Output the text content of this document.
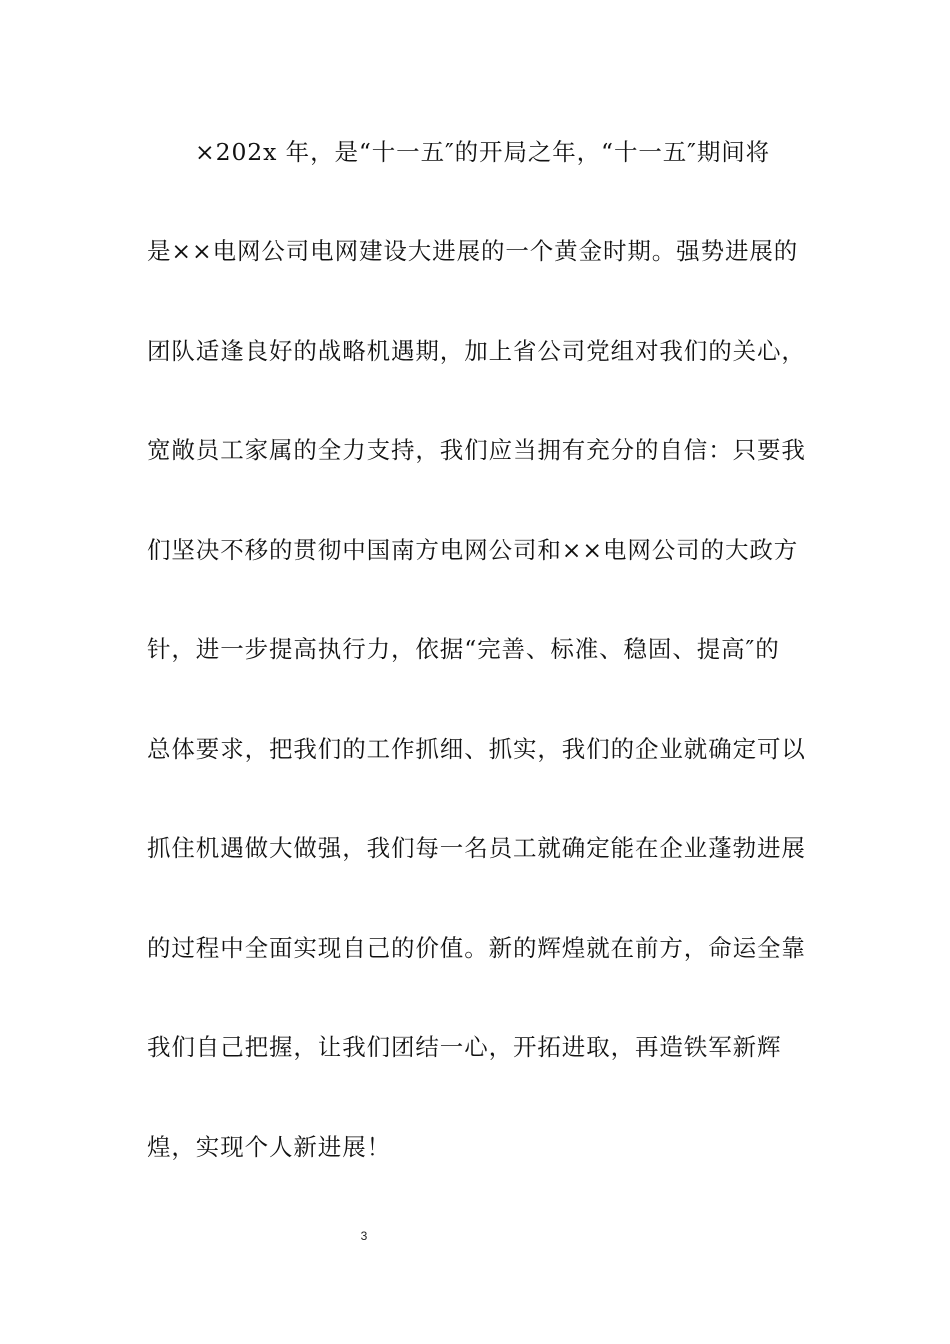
×202x 年，是“十一五″的开局之年，“十一五″期间将
是××电网公司电网建设大进展的一个黄金时期。强势进展的
团队适逢良好的战略机遇期，加上省公司党组对我们的关心，
宽敞员工家属的全力支持，我们应当拥有充分的自信：只要我
们坚决不移的贯彻中国南方电网公司和××电网公司的大政方
针，进一步提高执行力，依据“完善、标准、稳固、提高″的
总体要求，把我们的工作抓细、抓实，我们的企业就确定可以
抓住机遇做大做强，我们每一名员工就确定能在企业蓬勃进展
的过程中全面实现自己的价值。新的辉煌就在前方，命运全靠
我们自己把握，让我们团结一心，开拓进取，再造铁军新辉
煌，实现个人新进展！
3
